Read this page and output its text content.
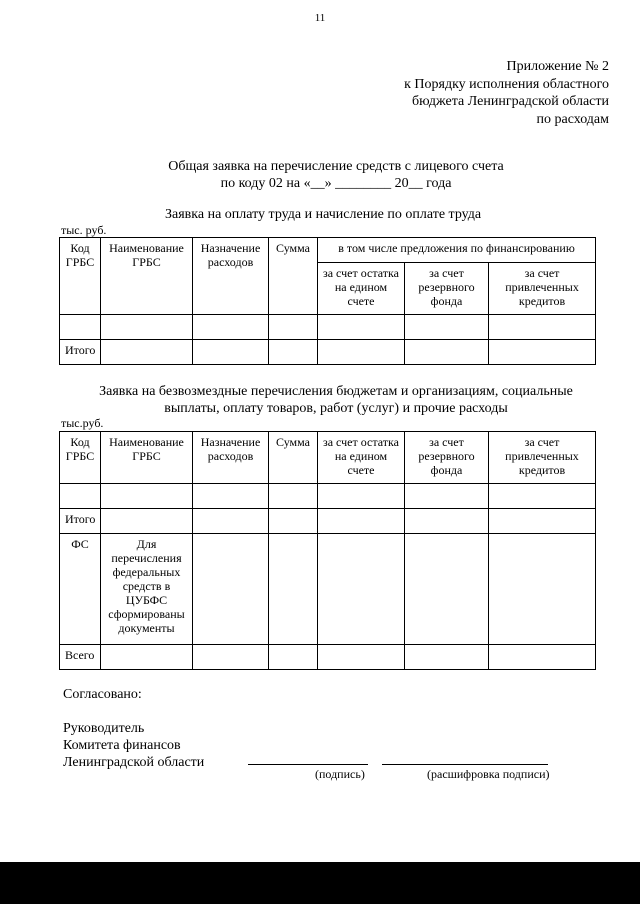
11
Приложение № 2
к Порядку исполнения областного
бюджета Ленинградской области
по расходам
Общая заявка на перечисление средств с лицевого счета
по коду 02 на «__» ________ 20__ года
Заявка на оплату труда и начисление по оплате труда
тыс. руб.
Код ГРБС	Наименование ГРБС	Назначение расходов	Сумма	в том числе предложения по финансированию		
				за счет остатка на едином счете	за счет резервного фонда	за счет привлеченных кредитов

Итого						
Заявка на безвозмездные перечисления бюджетам и организациям, социальные
выплаты, оплату товаров, работ (услуг) и прочие расходы
тыс.руб.
Код ГРБС	Наименование ГРБС	Назначение расходов	Сумма	за счет остатка на едином счете	за счет резервного фонда	за счет привлеченных кредитов

Итого						
ФС	Для перечисления федеральных средств в ЦУБФС сформированы документы					
Всего						
Согласовано:
Руководитель
Комитета финансов
Ленинградской области
(подпись)	(расшифровка подписи)
